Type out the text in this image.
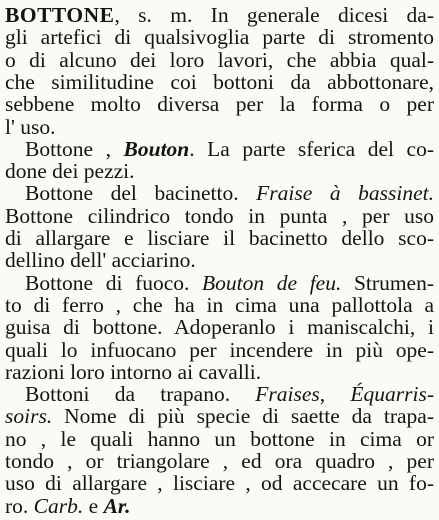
BOTTONE, s. m. In generale dicesi da-
gli artefici di qualsivoglia parte di stromento
o di alcuno dei loro lavori, che abbia qual-
che similitudine coi bottoni da abbottonare,
sebbene molto diversa per la forma o per
l' uso.
Bottone , Bouton. La parte sferica del co-
done dei pezzi.
Bottone del bacinetto. Fraise à bassinet.
Bottone cilindrico tondo in punta , per uso
di allargare e lisciare il bacinetto dello sco-
dellino dell' acciarino.
Bottone di fuoco. Bouton de feu. Strumen-
to di ferro , che ha in cima una pallottola a
guisa di bottone. Adoperanlo i maniscalchi, i
quali lo infuocano per incendere in più ope-
razioni loro intorno ai cavalli.
Bottoni da trapano. Fraises, Équarris-
soirs. Nome di più specie di saette da trapa-
no , le quali hanno un bottone in cima or
tondo , or triangolare , ed ora quadro , per
uso di allargare , lisciare , od accecare un fo-
ro. Carb. e Ar.
